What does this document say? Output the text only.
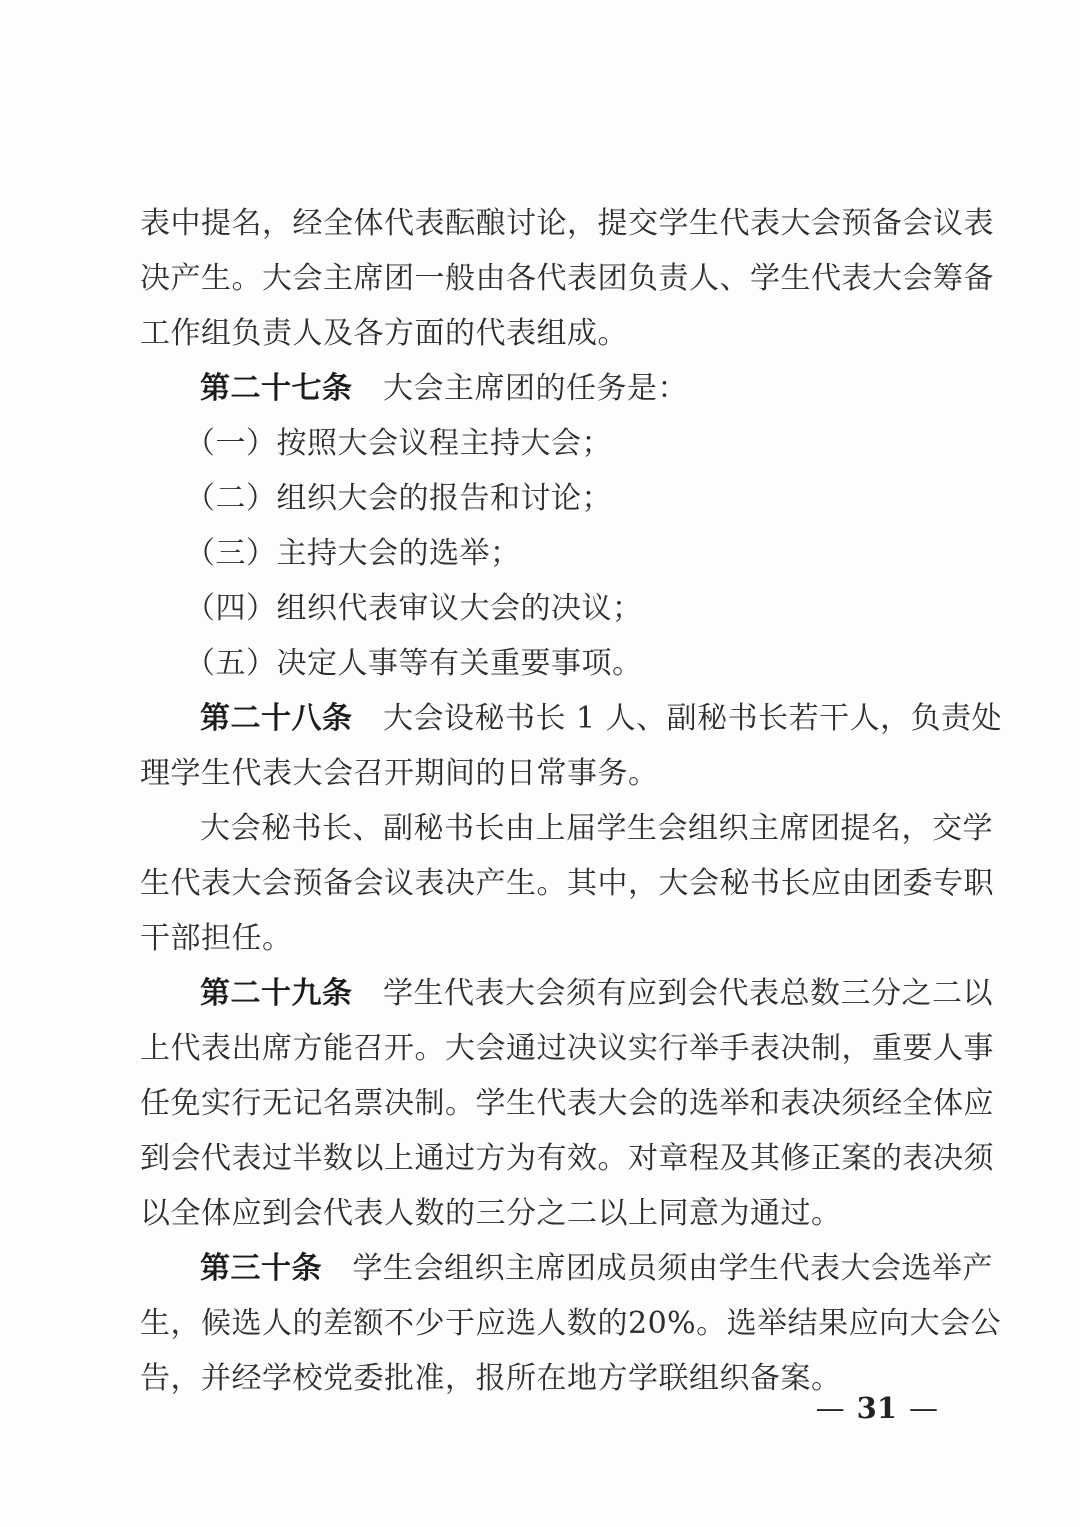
表中提名，经全体代表酝酿讨论，提交学生代表大会预备会议表
决产生。大会主席团一般由各代表团负责人、学生代表大会筹备
工作组负责人及各方面的代表组成。
第二十七条　大会主席团的任务是：
（一）按照大会议程主持大会；
（二）组织大会的报告和讨论；
（三）主持大会的选举；
（四）组织代表审议大会的决议；
（五）决定人事等有关重要事项。
第二十八条　大会设秘书长 1 人、副秘书长若干人，负责处
理学生代表大会召开期间的日常事务。
大会秘书长、副秘书长由上届学生会组织主席团提名，交学
生代表大会预备会议表决产生。其中，大会秘书长应由团委专职
干部担任。
第二十九条　学生代表大会须有应到会代表总数三分之二以
上代表出席方能召开。大会通过决议实行举手表决制，重要人事
任免实行无记名票决制。学生代表大会的选举和表决须经全体应
到会代表过半数以上通过方为有效。对章程及其修正案的表决须
以全体应到会代表人数的三分之二以上同意为通过。
第三十条　学生会组织主席团成员须由学生代表大会选举产
生，候选人的差额不少于应选人数的20%。选举结果应向大会公
告，并经学校党委批准，报所在地方学联组织备案。
— 31 —
